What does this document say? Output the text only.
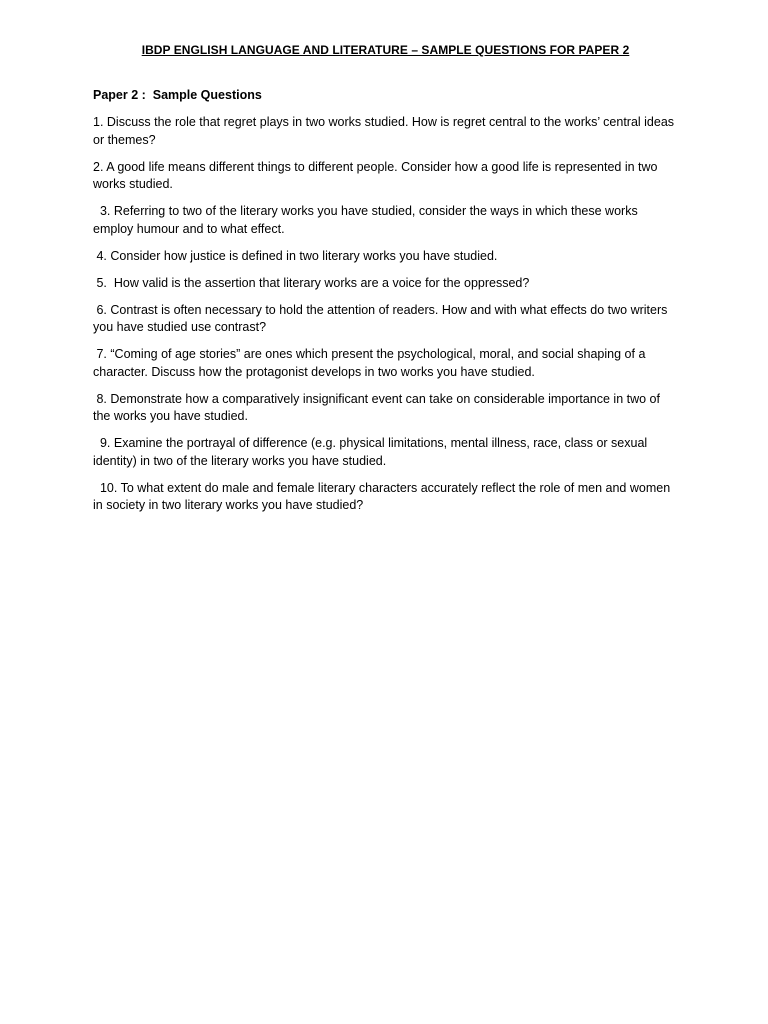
IBDP ENGLISH LANGUAGE AND LITERATURE – SAMPLE QUESTIONS FOR PAPER 2
Paper 2 :  Sample Questions

1. Discuss the role that regret plays in two works studied. How is regret central to the works’ central ideas or themes?

2. A good life means different things to different people. Consider how a good life is represented in two works studied.

3. Referring to two of the literary works you have studied, consider the ways in which these works employ humour and to what effect.

4. Consider how justice is defined in two literary works you have studied.

5.  How valid is the assertion that literary works are a voice for the oppressed?

6. Contrast is often necessary to hold the attention of readers. How and with what effects do two writers you have studied use contrast?

7. “Coming of age stories” are ones which present the psychological, moral, and social shaping of a character. Discuss how the protagonist develops in two works you have studied.

8. Demonstrate how a comparatively insignificant event can take on considerable importance in two of the works you have studied.

9. Examine the portrayal of difference (e.g. physical limitations, mental illness, race, class or sexual identity) in two of the literary works you have studied.

10. To what extent do male and female literary characters accurately reflect the role of men and women in society in two literary works you have studied?
